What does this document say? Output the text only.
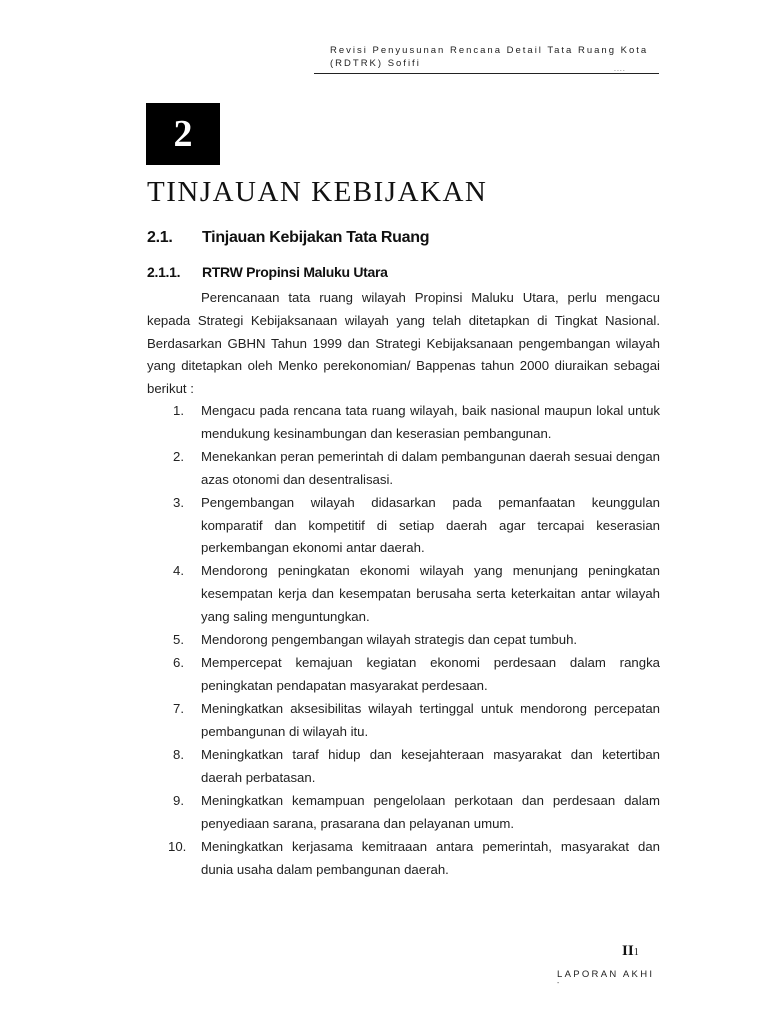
Revisi Penyusunan Rencana Detail Tata Ruang Kota (RDTRK) Sofifi
....
2
TINJAUAN KEBIJAKAN
2.1. Tinjauan Kebijakan Tata Ruang
2.1.1. RTRW Propinsi Maluku Utara
Perencanaan tata ruang wilayah Propinsi Maluku Utara, perlu mengacu kepada Strategi Kebijaksanaan wilayah yang telah ditetapkan di Tingkat Nasional. Berdasarkan GBHN Tahun 1999 dan Strategi Kebijaksanaan pengembangan wilayah yang ditetapkan oleh Menko perekonomian/ Bappenas tahun 2000 diuraikan sebagai berikut :
1. Mengacu pada rencana tata ruang wilayah, baik nasional maupun lokal untuk mendukung kesinambungan dan keserasian pembangunan.
2. Menekankan peran pemerintah di dalam pembangunan daerah sesuai dengan azas otonomi dan desentralisasi.
3. Pengembangan wilayah didasarkan pada pemanfaatan keunggulan komparatif dan kompetitif di setiap daerah agar tercapai keserasian perkembangan ekonomi antar daerah.
4. Mendorong peningkatan ekonomi wilayah yang menunjang peningkatan kesempatan kerja dan kesempatan berusaha serta keterkaitan antar wilayah yang saling menguntungkan.
5. Mendorong pengembangan wilayah strategis dan cepat tumbuh.
6. Mempercepat kemajuan kegiatan ekonomi perdesaan dalam rangka peningkatan pendapatan masyarakat perdesaan.
7. Meningkatkan aksesibilitas wilayah tertinggal untuk mendorong percepatan pembangunan di wilayah itu.
8. Meningkatkan taraf hidup dan kesejahteraan masyarakat dan ketertiban daerah perbatasan.
9. Meningkatkan kemampuan pengelolaan perkotaan dan perdesaan dalam penyediaan sarana, prasarana dan pelayanan umum.
10. Meningkatkan kerjasama kemitraaan antara pemerintah, masyarakat dan dunia usaha dalam pembangunan daerah.
II1
LAPORAN AKHI
-
